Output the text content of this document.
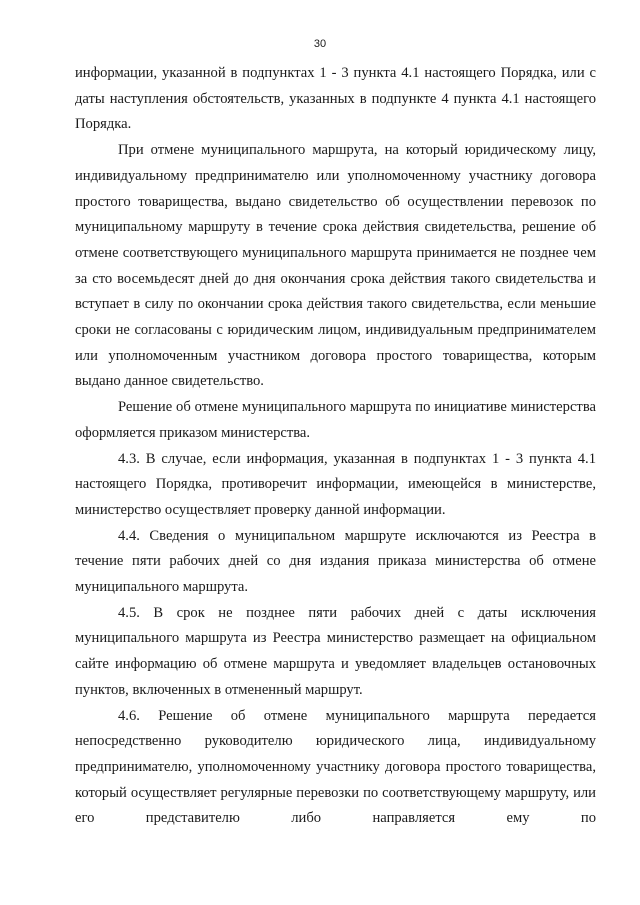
30

информации, указанной в подпунктах 1 - 3 пункта 4.1 настоящего Порядка, или с даты наступления обстоятельств, указанных в подпункте 4 пункта 4.1 настоящего Порядка.

При отмене муниципального маршрута, на который юридическому лицу, индивидуальному предпринимателю или уполномоченному участнику договора простого товарищества, выдано свидетельство об осуществлении перевозок по муниципальному маршруту в течение срока действия свидетельства, решение об отмене соответствующего муниципального маршрута принимается не позднее чем за сто восемьдесят дней до дня окончания срока действия такого свидетельства и вступает в силу по окончании срока действия такого свидетельства, если меньшие сроки не согласованы с юридическим лицом, индивидуальным предпринимателем или уполномоченным участником договора простого товарищества, которым выдано данное свидетельство.

Решение об отмене муниципального маршрута по инициативе министерства оформляется приказом министерства.

4.3. В случае, если информация, указанная в подпунктах 1 - 3 пункта 4.1 настоящего Порядка, противоречит информации, имеющейся в министерстве, министерство осуществляет проверку данной информации.

4.4. Сведения о муниципальном маршруте исключаются из Реестра в течение пяти рабочих дней со дня издания приказа министерства об отмене муниципального маршрута.

4.5. В срок не позднее пяти рабочих дней с даты исключения муниципального маршрута из Реестра министерство размещает на официальном сайте информацию об отмене маршрута и уведомляет владельцев остановочных пунктов, включенных в отмененный маршрут.

4.6. Решение об отмене муниципального маршрута передается непосредственно руководителю юридического лица, индивидуальному предпринимателю, уполномоченному участнику договора простого товарищества, который осуществляет регулярные перевозки по соответствующему маршруту, или его представителю либо направляется ему по
